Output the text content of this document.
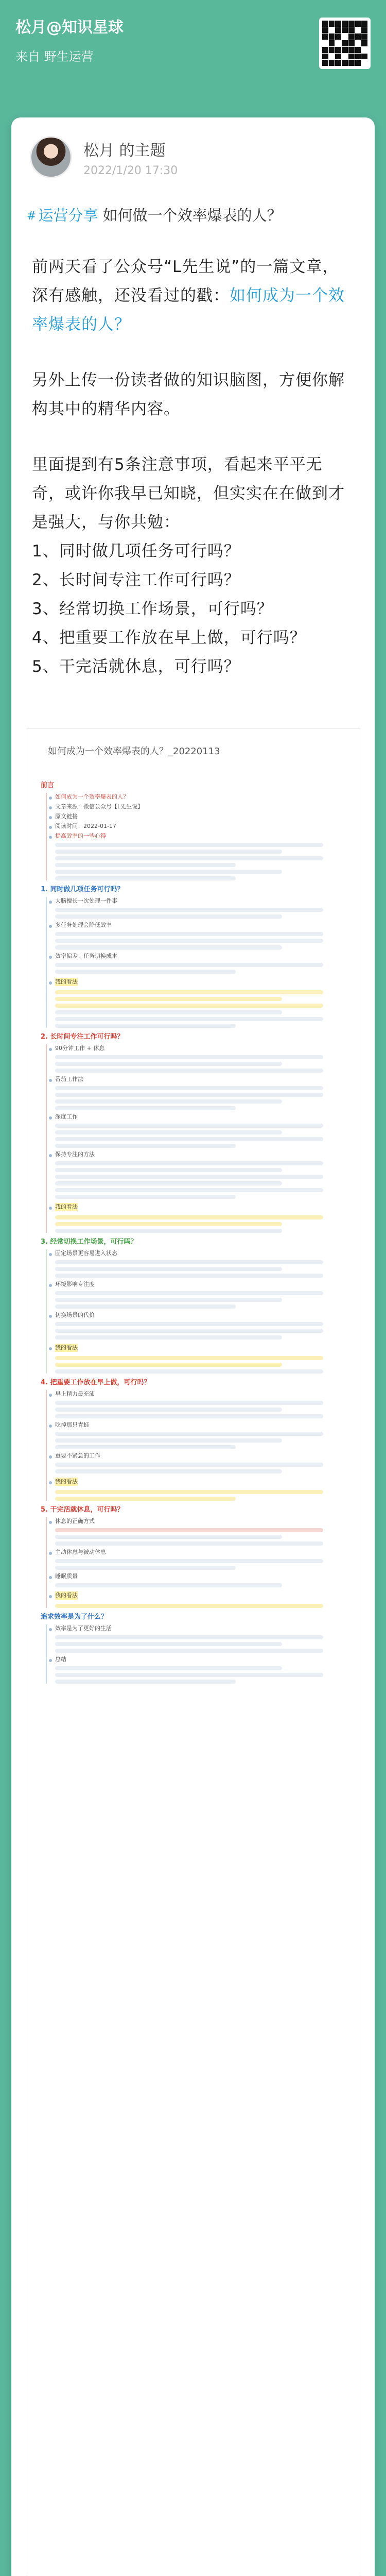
松月@知识星球
来自 野生运营
松月 的主题
2022/1/20 17:30
# 运营分享 如何做一个效率爆表的人？
前两天看了公众号“L先生说”的一篇文章，深有感触，还没看过的戳：如何成为一个效率爆表的人？
另外上传一份读者做的知识脑图，方便你解构其中的精华内容。
里面提到有5条注意事项，看起来平平无奇，或许你我早已知晓，但实实在在做到才是强大，与你共勉：
1、同时做几项任务可行吗？
2、长时间专注工作可行吗？
3、经常切换工作场景，可行吗？
4、把重要工作放在早上做，可行吗？
5、干完活就休息，可行吗？
如何成为一个效率爆表的人？_20220113
前言
如何成为一个效率爆表的人？
文章来源：微信公众号【L先生说】
原文链接
阅读时间：2022-01-17
提高效率的一些心得
1. 同时做几项任务可行吗？
大脑擅长一次处理一件事
多任务处理会降低效率
效率偏差：任务切换成本
我的看法
2. 长时间专注工作可行吗？
90分钟工作 + 休息
番茄工作法
深度工作
保持专注的方法
我的看法
3. 经常切换工作场景，可行吗？
固定场景更容易进入状态
环境影响专注度
切换场景的代价
我的看法
4. 把重要工作放在早上做，可行吗？
早上精力最充沛
吃掉那只青蛙
重要不紧急的工作
我的看法
5. 干完活就休息，可行吗？
休息的正确方式
主动休息与被动休息
睡眠质量
我的看法
追求效率是为了什么？
效率是为了更好的生活
总结
